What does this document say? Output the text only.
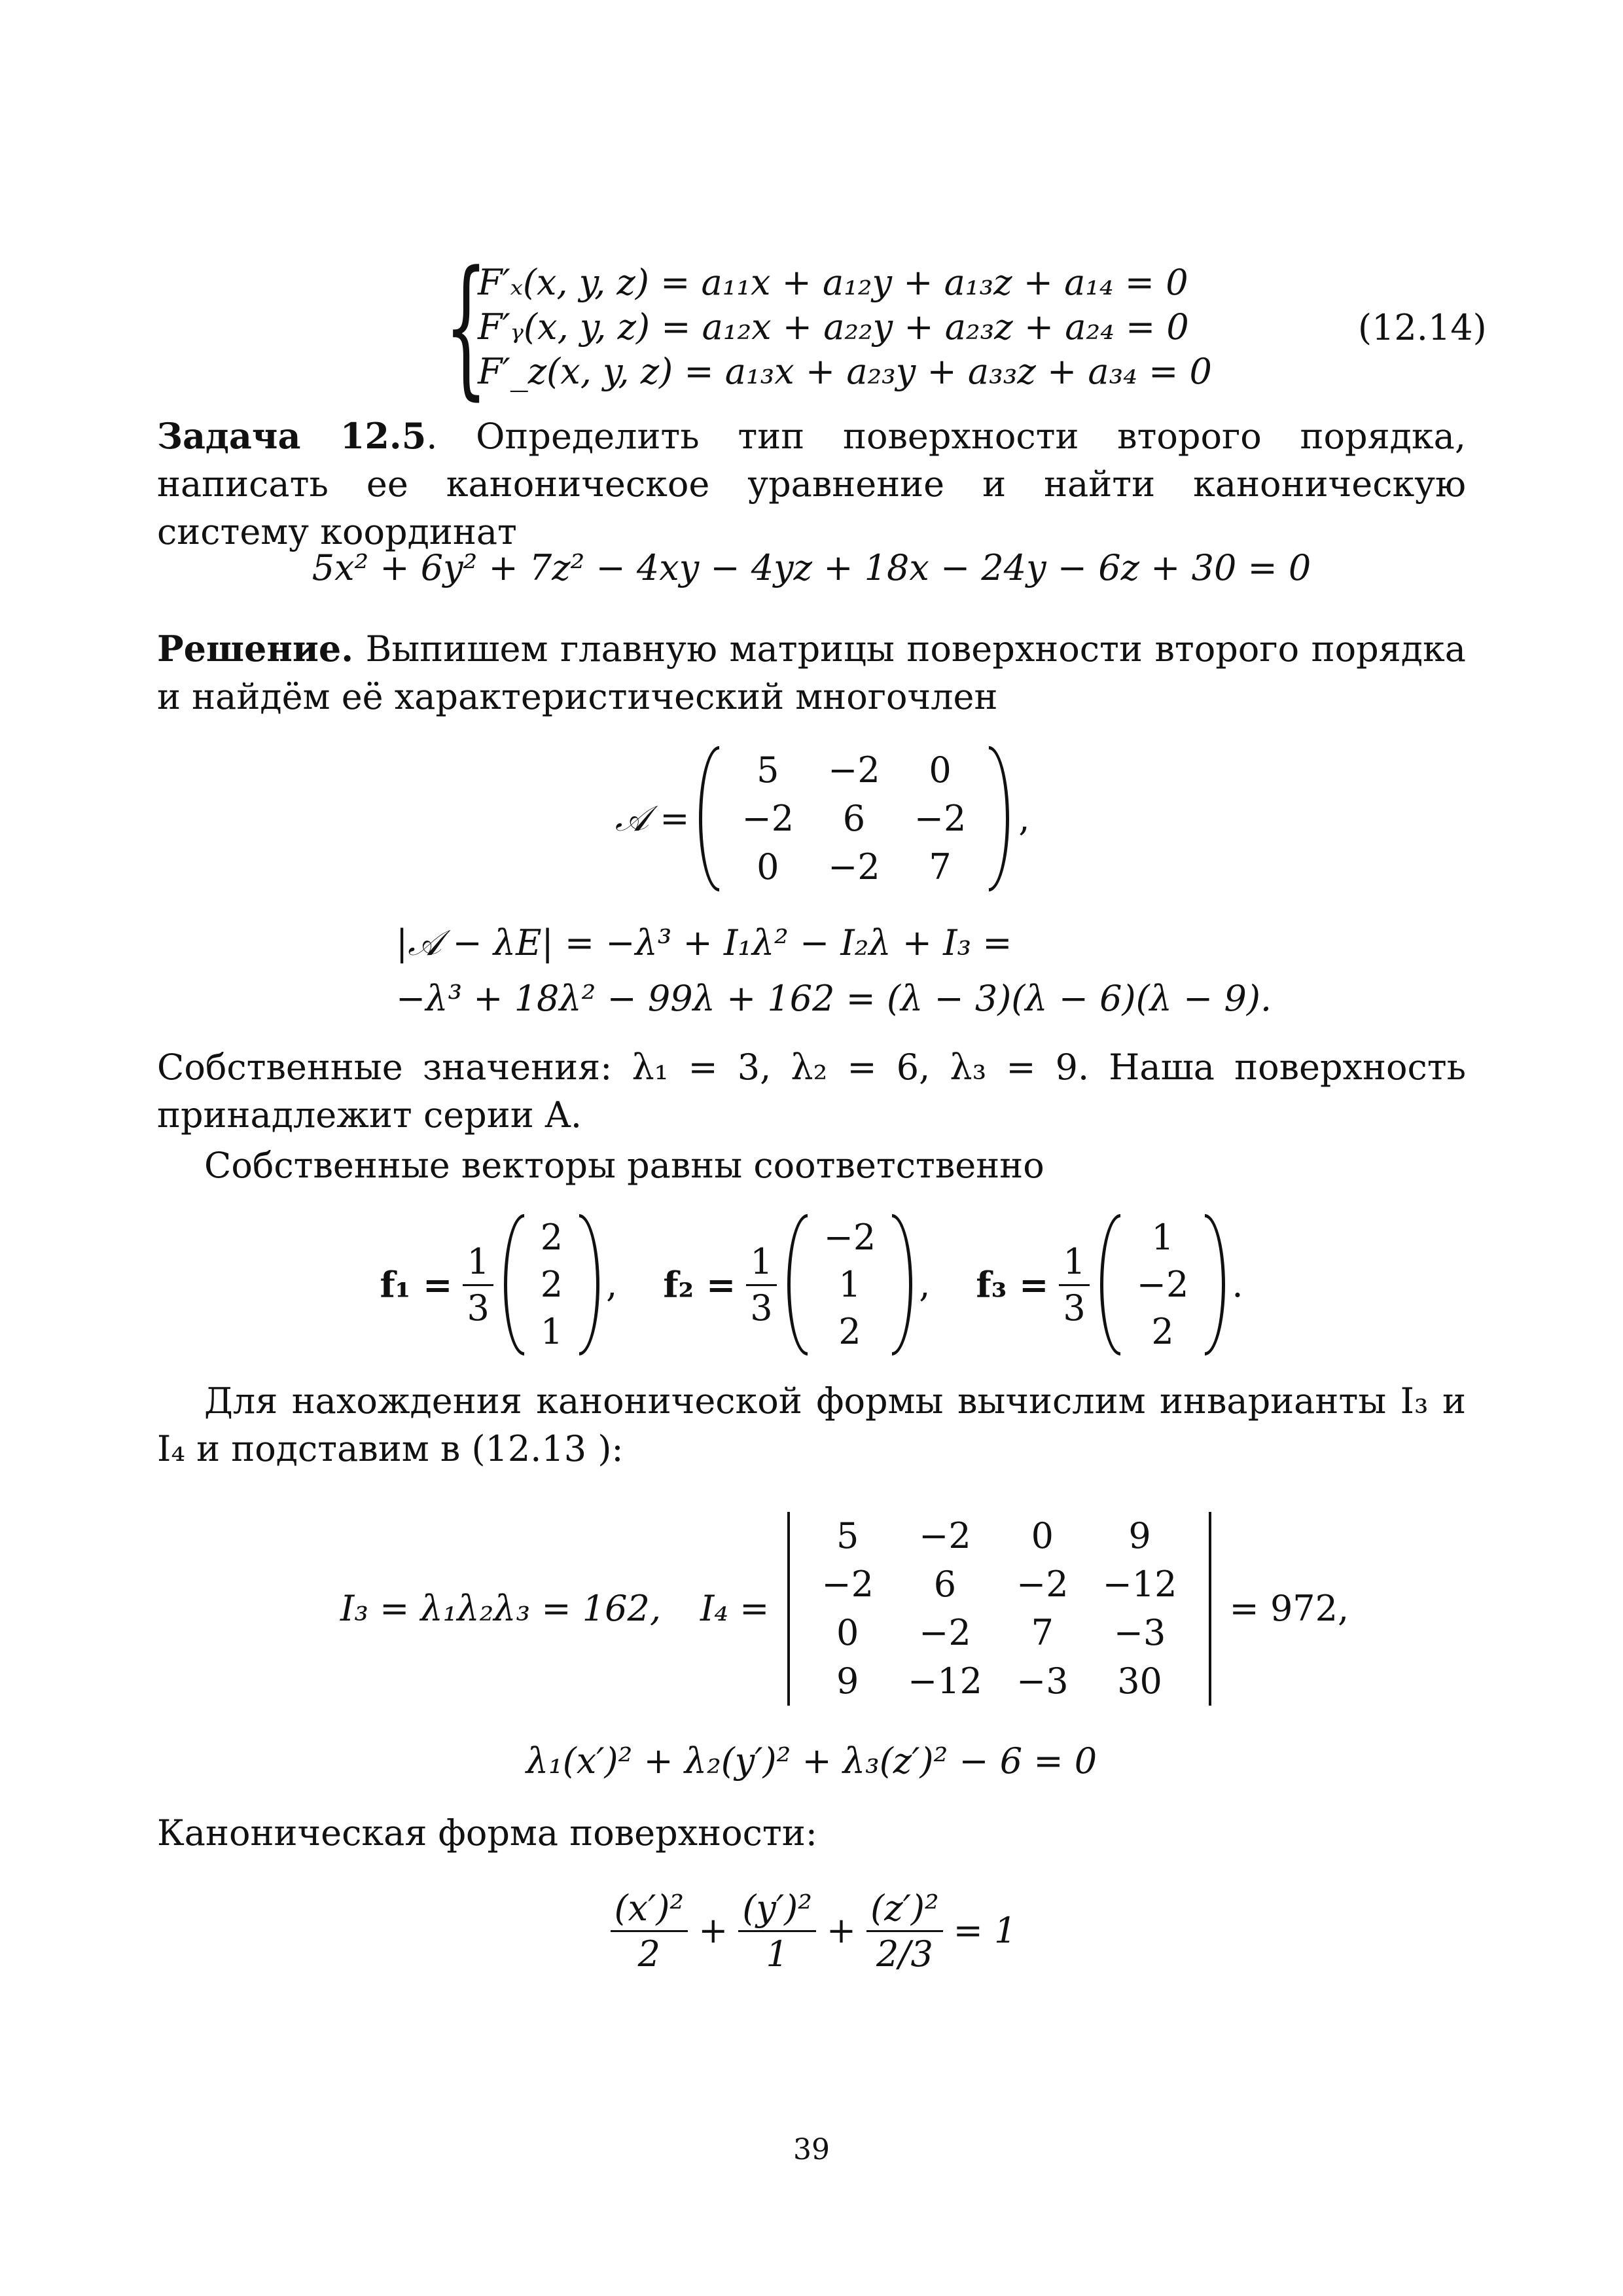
{
F′ₓ(x, y, z) = a₁₁x + a₁₂y + a₁₃z + a₁₄ = 0
F′ᵧ(x, y, z) = a₁₂x + a₂₂y + a₂₃z + a₂₄ = 0
F′_z(x, y, z) = a₁₃x + a₂₃y + a₃₃z + a₃₄ = 0
(12.14)
Задача 12.5. Определить тип поверхности второго порядка, написать ее каноническое уравнение и найти каноническую систему координат
5x² + 6y² + 7z² − 4xy − 4yz + 18x − 24y − 6z + 30 = 0
Решение. Выпишем главную матрицы поверхности второго порядка и найдём её характеристический многочлен
𝒜 =
5	−2	0
−2	6	−2
0	−2	7
,
|𝒜 − λE| = −λ³ + I₁λ² − I₂λ + I₃ =
−λ³ + 18λ² − 99λ + 162 = (λ − 3)(λ − 6)(λ − 9).
Собственные значения: λ₁ = 3, λ₂ = 6, λ₃ = 9. Наша поверхность принадлежит серии A.
Собственные векторы равны соответственно
$f_1 = \frac{1}{3}$
2
2
1
, $f_2 = \frac{1}{3}$
−2
1
2
, $f_3 = \frac{1}{3}$
1
−2
2
.
Для нахождения канонической формы вычислим инварианты I₃ и I₄ и подставим в (12.13 ):
I₃ = λ₁λ₂λ₃ = 162, I₄ =
5	−2	0	9
−2	6	−2	−12
0	−2	7	−3
9	−12	−3	30
= 972,
λ₁(x′)² + λ₂(y′)² + λ₃(z′)² − 6 = 0
Каноническая форма поверхности:
$\frac{\text{(x′)²}}{2} + \frac{\text{(y′)²}}{1} + \frac{\text{(z′)²}}{2/3} = 1$
39
